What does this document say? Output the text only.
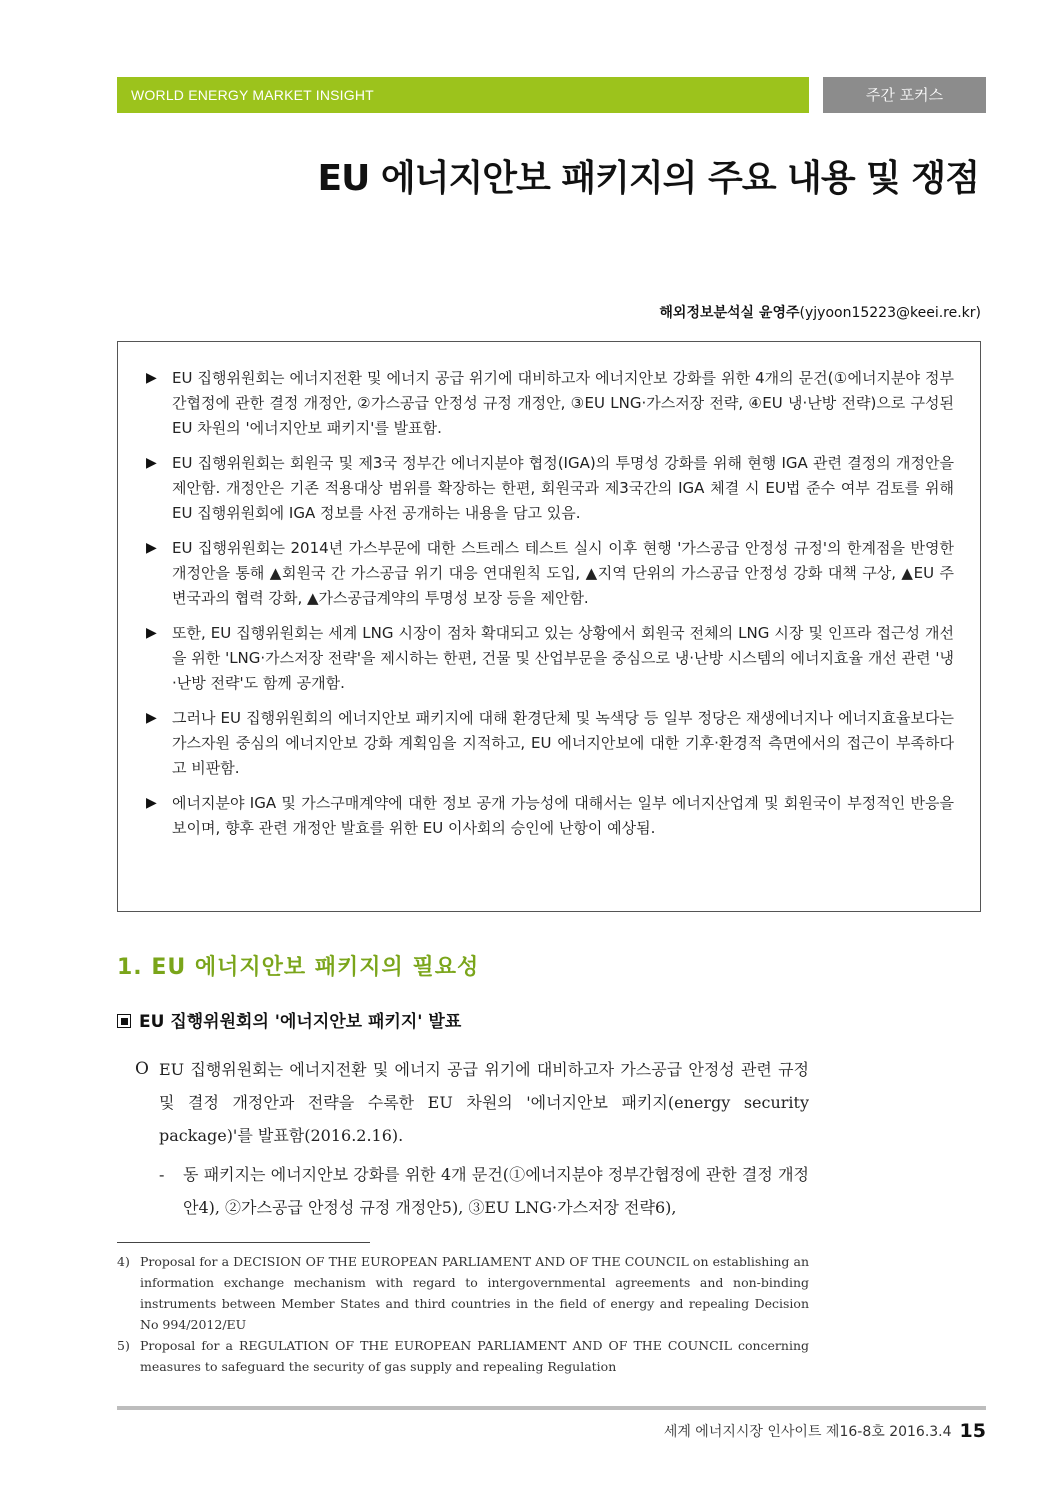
WORLD ENERGY MARKET INSIGHT	주간 포커스
EU 에너지안보 패키지의 주요 내용 및 쟁점
해외정보분석실 윤영주(yjyoon15223@keei.re.kr)

▶ EU 집행위원회는 에너지전환 및 에너지 공급 위기에 대비하고자 에너지안보 강화를 위한 4개의 문건(①에너지분야 정부간협정에 관한 결정 개정안, ②가스공급 안정성 규정 개정안, ③EU LNG·가스저장 전략, ④EU 냉·난방 전략)으로 구성된 EU 차원의 '에너지안보 패키지'를 발표함.

▶ EU 집행위원회는 회원국 및 제3국 정부간 에너지분야 협정(IGA)의 투명성 강화를 위해 현행 IGA 관련 결정의 개정안을 제안함. 개정안은 기존 적용대상 범위를 확장하는 한편, 회원국과 제3국간의 IGA 체결 시 EU법 준수 여부 검토를 위해 EU 집행위원회에 IGA 정보를 사전 공개하는 내용을 담고 있음.

▶ EU 집행위원회는 2014년 가스부문에 대한 스트레스 테스트 실시 이후 현행 '가스공급 안정성 규정'의 한계점을 반영한 개정안을 통해 ▲회원국 간 가스공급 위기 대응 연대원칙 도입, ▲지역 단위의 가스공급 안정성 강화 대책 구상, ▲EU 주변국과의 협력 강화, ▲가스공급계약의 투명성 보장 등을 제안함.

▶ 또한, EU 집행위원회는 세계 LNG 시장이 점차 확대되고 있는 상황에서 회원국 전체의 LNG 시장 및 인프라 접근성 개선을 위한 'LNG·가스저장 전략'을 제시하는 한편, 건물 및 산업부문을 중심으로 냉·난방 시스템의 에너지효율 개선 관련 '냉·난방 전략'도 함께 공개함.

▶ 그러나 EU 집행위원회의 에너지안보 패키지에 대해 환경단체 및 녹색당 등 일부 정당은 재생에너지나 에너지효율보다는 가스자원 중심의 에너지안보 강화 계획임을 지적하고, EU 에너지안보에 대한 기후·환경적 측면에서의 접근이 부족하다고 비판함.

▶ 에너지분야 IGA 및 가스구매계약에 대한 정보 공개 가능성에 대해서는 일부 에너지산업계 및 회원국이 부정적인 반응을 보이며, 향후 관련 개정안 발효를 위한 EU 이사회의 승인에 난항이 예상됨.

1. EU 에너지안보 패키지의 필요성
EU 집행위원회의 '에너지안보 패키지' 발표
O EU 집행위원회는 에너지전환 및 에너지 공급 위기에 대비하고자 가스공급 안정성 관련 규정 및 결정 개정안과 전략을 수록한 EU 차원의 '에너지안보 패키지(energy security package)'를 발표함(2016.2.16).
- 동 패키지는 에너지안보 강화를 위한 4개 문건(①에너지분야 정부간협정에 관한 결정 개정안4), ②가스공급 안정성 규정 개정안5), ③EU LNG·가스저장 전략6),
4) Proposal for a DECISION OF THE EUROPEAN PARLIAMENT AND OF THE COUNCIL on establishing an information exchange mechanism with regard to intergovernmental agreements and non-binding instruments between Member States and third countries in the field of energy and repealing Decision No 994/2012/EU
5) Proposal for a REGULATION OF THE EUROPEAN PARLIAMENT AND OF THE COUNCIL concerning measures to safeguard the security of gas supply and repealing Regulation
세계 에너지시장 인사이트 제16-8호 2016.3.4 15
